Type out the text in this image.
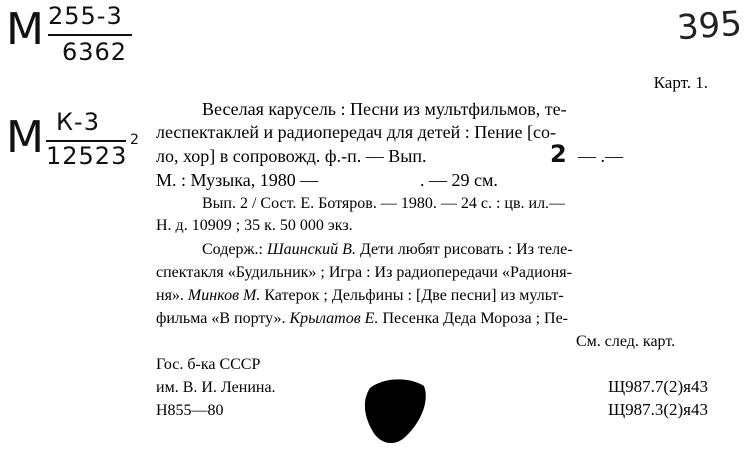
М 255-3
6362
М К-3
12523
2
395
Карт. 1.
Веселая карусель : Песни из мультфильмов, те-
леспектаклей и радиопередач для детей : Пение [со-
ло, хор] в сопровожд. ф.-п. — Вып.	2 — .—
М. : Музыка, 1980 —	. — 29 см.
Вып. 2 / Сост. Е. Ботяров. — 1980. — 24 с. : цв. ил.—
Н. д. 10909 ; 35 к. 50 000 экз.
Содерж.: Шаинский В. Дети любят рисовать : Из теле-
спектакля «Будильник» ; Игра : Из радиопередачи «Радионя-
ня». Минков М. Катерок ; Дельфины : [Две песни] из мульт-
фильма «В порту». Крылатов Е. Песенка Деда Мороза ; Пе-
См. след. карт.
Гос. б-ка СССР
им. В. И. Ленина.
Н855—80
Щ987.7(2)я43
Щ987.3(2)я43
